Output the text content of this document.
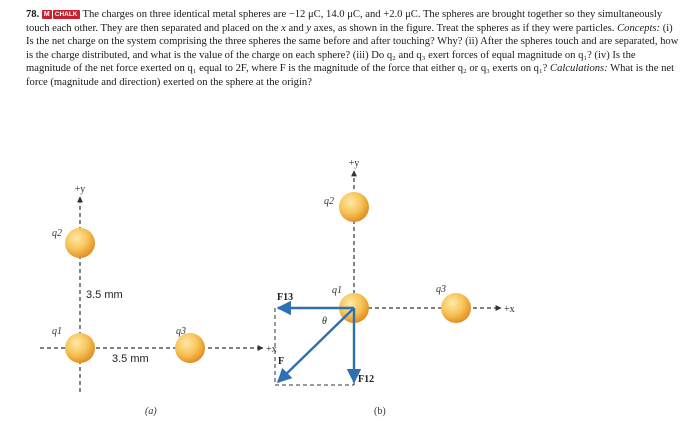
78. M CHALK The charges on three identical metal spheres are −12 μC, 14.0 μC, and +2.0 μC. The spheres are brought together so they simultaneously touch each other. They are then separated and placed on the x and y axes, as shown in the figure. Treat the spheres as if they were particles. Concepts: (i) Is the net charge on the system comprising the three spheres the same before and after touching? Why? (ii) After the spheres touch and are separated, how is the charge distributed, and what is the value of the charge on each sphere? (iii) Do q₂ and q₃ exert forces of equal magnitude on q₁? (iv) Is the magnitude of the net force exerted on q₁ equal to 2F, where F is the magnitude of the force that either q₂ or q₃ exerts on q₁? Calculations: What is the net force (magnitude and direction) exerted on the sphere at the origin?
+y
+x
q2
q1	q3
3.5 mm
3.5 mm
(a)
+y
+x
q2
q1	q3
F13
F12
F
θ
(b)
